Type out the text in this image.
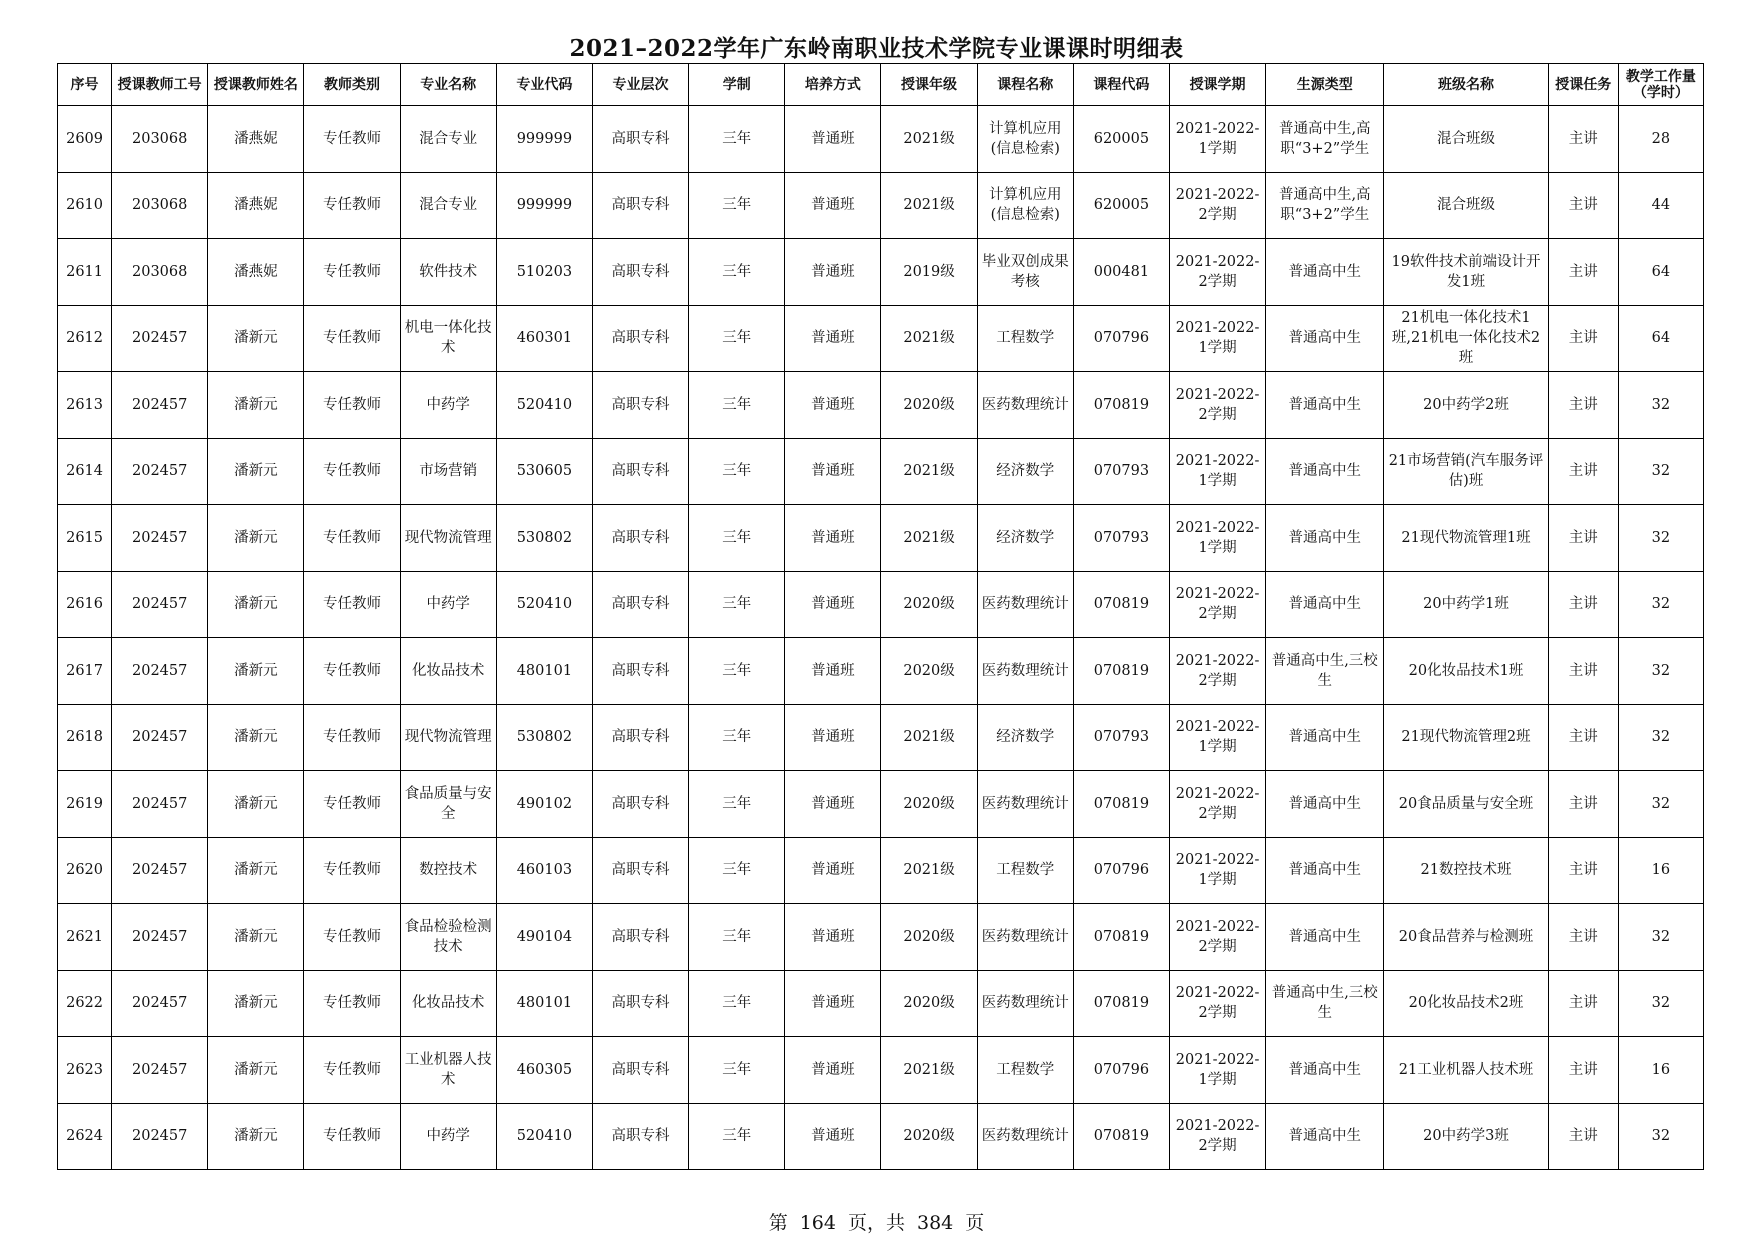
2021–2022学年广东岭南职业技术学院专业课课时明细表
序号	授课教师工号	授课教师姓名	教师类别	专业名称	专业代码	专业层次	学制	培养方式	授课年级	课程名称	课程代码	授课学期	生源类型	班级名称	授课任务	教学工作量（学时）
2609	203068	潘燕妮	专任教师	混合专业	999999	高职专科	三年	普通班	2021级	计算机应用(信息检索)	620005	2021-2022-1学期	普通高中生,高职“3+2”学生	混合班级	主讲	28
2610	203068	潘燕妮	专任教师	混合专业	999999	高职专科	三年	普通班	2021级	计算机应用(信息检索)	620005	2021-2022-2学期	普通高中生,高职“3+2”学生	混合班级	主讲	44
2611	203068	潘燕妮	专任教师	软件技术	510203	高职专科	三年	普通班	2019级	毕业双创成果考核	000481	2021-2022-2学期	普通高中生	19软件技术前端设计开发1班	主讲	64
2612	202457	潘新元	专任教师	机电一体化技术	460301	高职专科	三年	普通班	2021级	工程数学	070796	2021-2022-1学期	普通高中生	21机电一体化技术1班,21机电一体化技术2班	主讲	64
2613	202457	潘新元	专任教师	中药学	520410	高职专科	三年	普通班	2020级	医药数理统计	070819	2021-2022-2学期	普通高中生	20中药学2班	主讲	32
2614	202457	潘新元	专任教师	市场营销	530605	高职专科	三年	普通班	2021级	经济数学	070793	2021-2022-1学期	普通高中生	21市场营销(汽车服务评估)班	主讲	32
2615	202457	潘新元	专任教师	现代物流管理	530802	高职专科	三年	普通班	2021级	经济数学	070793	2021-2022-1学期	普通高中生	21现代物流管理1班	主讲	32
2616	202457	潘新元	专任教师	中药学	520410	高职专科	三年	普通班	2020级	医药数理统计	070819	2021-2022-2学期	普通高中生	20中药学1班	主讲	32
2617	202457	潘新元	专任教师	化妆品技术	480101	高职专科	三年	普通班	2020级	医药数理统计	070819	2021-2022-2学期	普通高中生,三校生	20化妆品技术1班	主讲	32
2618	202457	潘新元	专任教师	现代物流管理	530802	高职专科	三年	普通班	2021级	经济数学	070793	2021-2022-1学期	普通高中生	21现代物流管理2班	主讲	32
2619	202457	潘新元	专任教师	食品质量与安全	490102	高职专科	三年	普通班	2020级	医药数理统计	070819	2021-2022-2学期	普通高中生	20食品质量与安全班	主讲	32
2620	202457	潘新元	专任教师	数控技术	460103	高职专科	三年	普通班	2021级	工程数学	070796	2021-2022-1学期	普通高中生	21数控技术班	主讲	16
2621	202457	潘新元	专任教师	食品检验检测技术	490104	高职专科	三年	普通班	2020级	医药数理统计	070819	2021-2022-2学期	普通高中生	20食品营养与检测班	主讲	32
2622	202457	潘新元	专任教师	化妆品技术	480101	高职专科	三年	普通班	2020级	医药数理统计	070819	2021-2022-2学期	普通高中生,三校生	20化妆品技术2班	主讲	32
2623	202457	潘新元	专任教师	工业机器人技术	460305	高职专科	三年	普通班	2021级	工程数学	070796	2021-2022-1学期	普通高中生	21工业机器人技术班	主讲	16
2624	202457	潘新元	专任教师	中药学	520410	高职专科	三年	普通班	2020级	医药数理统计	070819	2021-2022-2学期	普通高中生	20中药学3班	主讲	32
第 164 页，共 384 页
